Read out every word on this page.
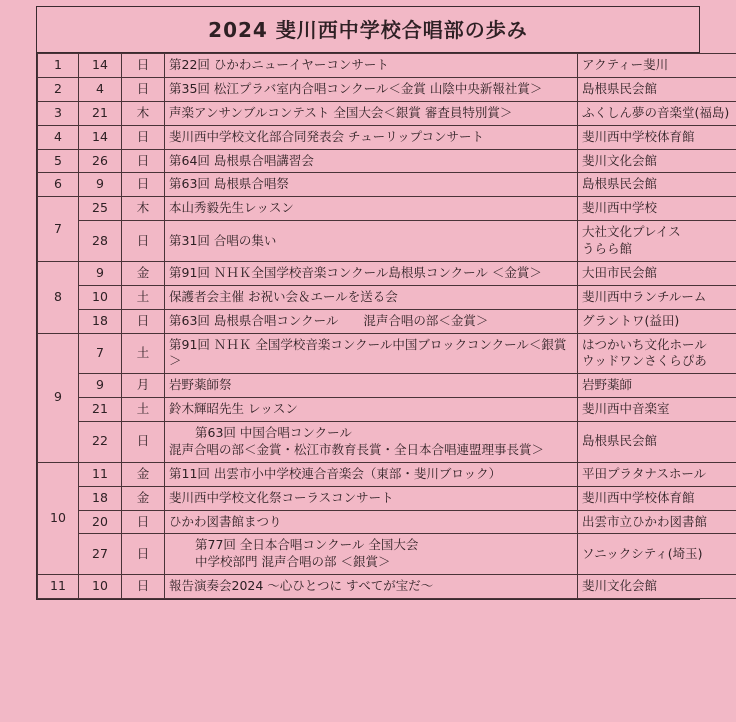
2024 斐川西中学校合唱部の歩み
1	14	日	第22回 ひかわニューイヤーコンサート	アクティー斐川
2	4	日	第35回 松江プラバ室内合唱コンクール＜金賞 山陰中央新報社賞＞	島根県民会館
3	21	木	声楽アンサンブルコンテスト 全国大会＜銀賞 審査員特別賞＞	ふくしん夢の音楽堂(福島)
4	14	日	斐川西中学校文化部合同発表会 チューリップコンサート	斐川西中学校体育館
5	26	日	第64回 島根県合唱講習会	斐川文化会館
6	9	日	第63回 島根県合唱祭	島根県民会館
7	25	木	本山秀毅先生レッスン	斐川西中学校
	28	日	第31回 合唱の集い	大社文化プレイス
うらら館

8	9	金	第91回 ＮＨＫ全国学校音楽コンクール島根県コンクール ＜金賞＞	大田市民会館
	10	土	保護者会主催 お祝い会＆エールを送る会	斐川西中ランチルーム
	18	日	第63回 島根県合唱コンクール　　混声合唱の部＜金賞＞	グラントワ(益田)
9	7	土	第91回 ＮＨＫ 全国学校音楽コンクール中国ブロックコンクール＜銀賞＞	はつかいち文化ホール
ウッドワンさくらぴあ

	9	月	岩野薬師祭	岩野薬師
	21	土	鈴木輝昭先生 レッスン	斐川西中音楽室
	22	日	第63回 中国合唱コンクール
混声合唱の部＜金賞・松江市教育長賞・全日本合唱連盟理事長賞＞	島根県民会館
10	11	金	第11回 出雲市小中学校連合音楽会（東部・斐川ブロック）	平田プラタナスホール
	18	金	斐川西中学校文化祭コーラスコンサート	斐川西中学校体育館
	20	日	ひかわ図書館まつり	出雲市立ひかわ図書館
	27	日	第77回 全日本合唱コンクール 全国大会
中学校部門 混声合唱の部 ＜銀賞＞	ソニックシティ(埼玉)
11	10	日	報告演奏会2024 ～心ひとつに すべてが宝だ～	斐川文化会館
